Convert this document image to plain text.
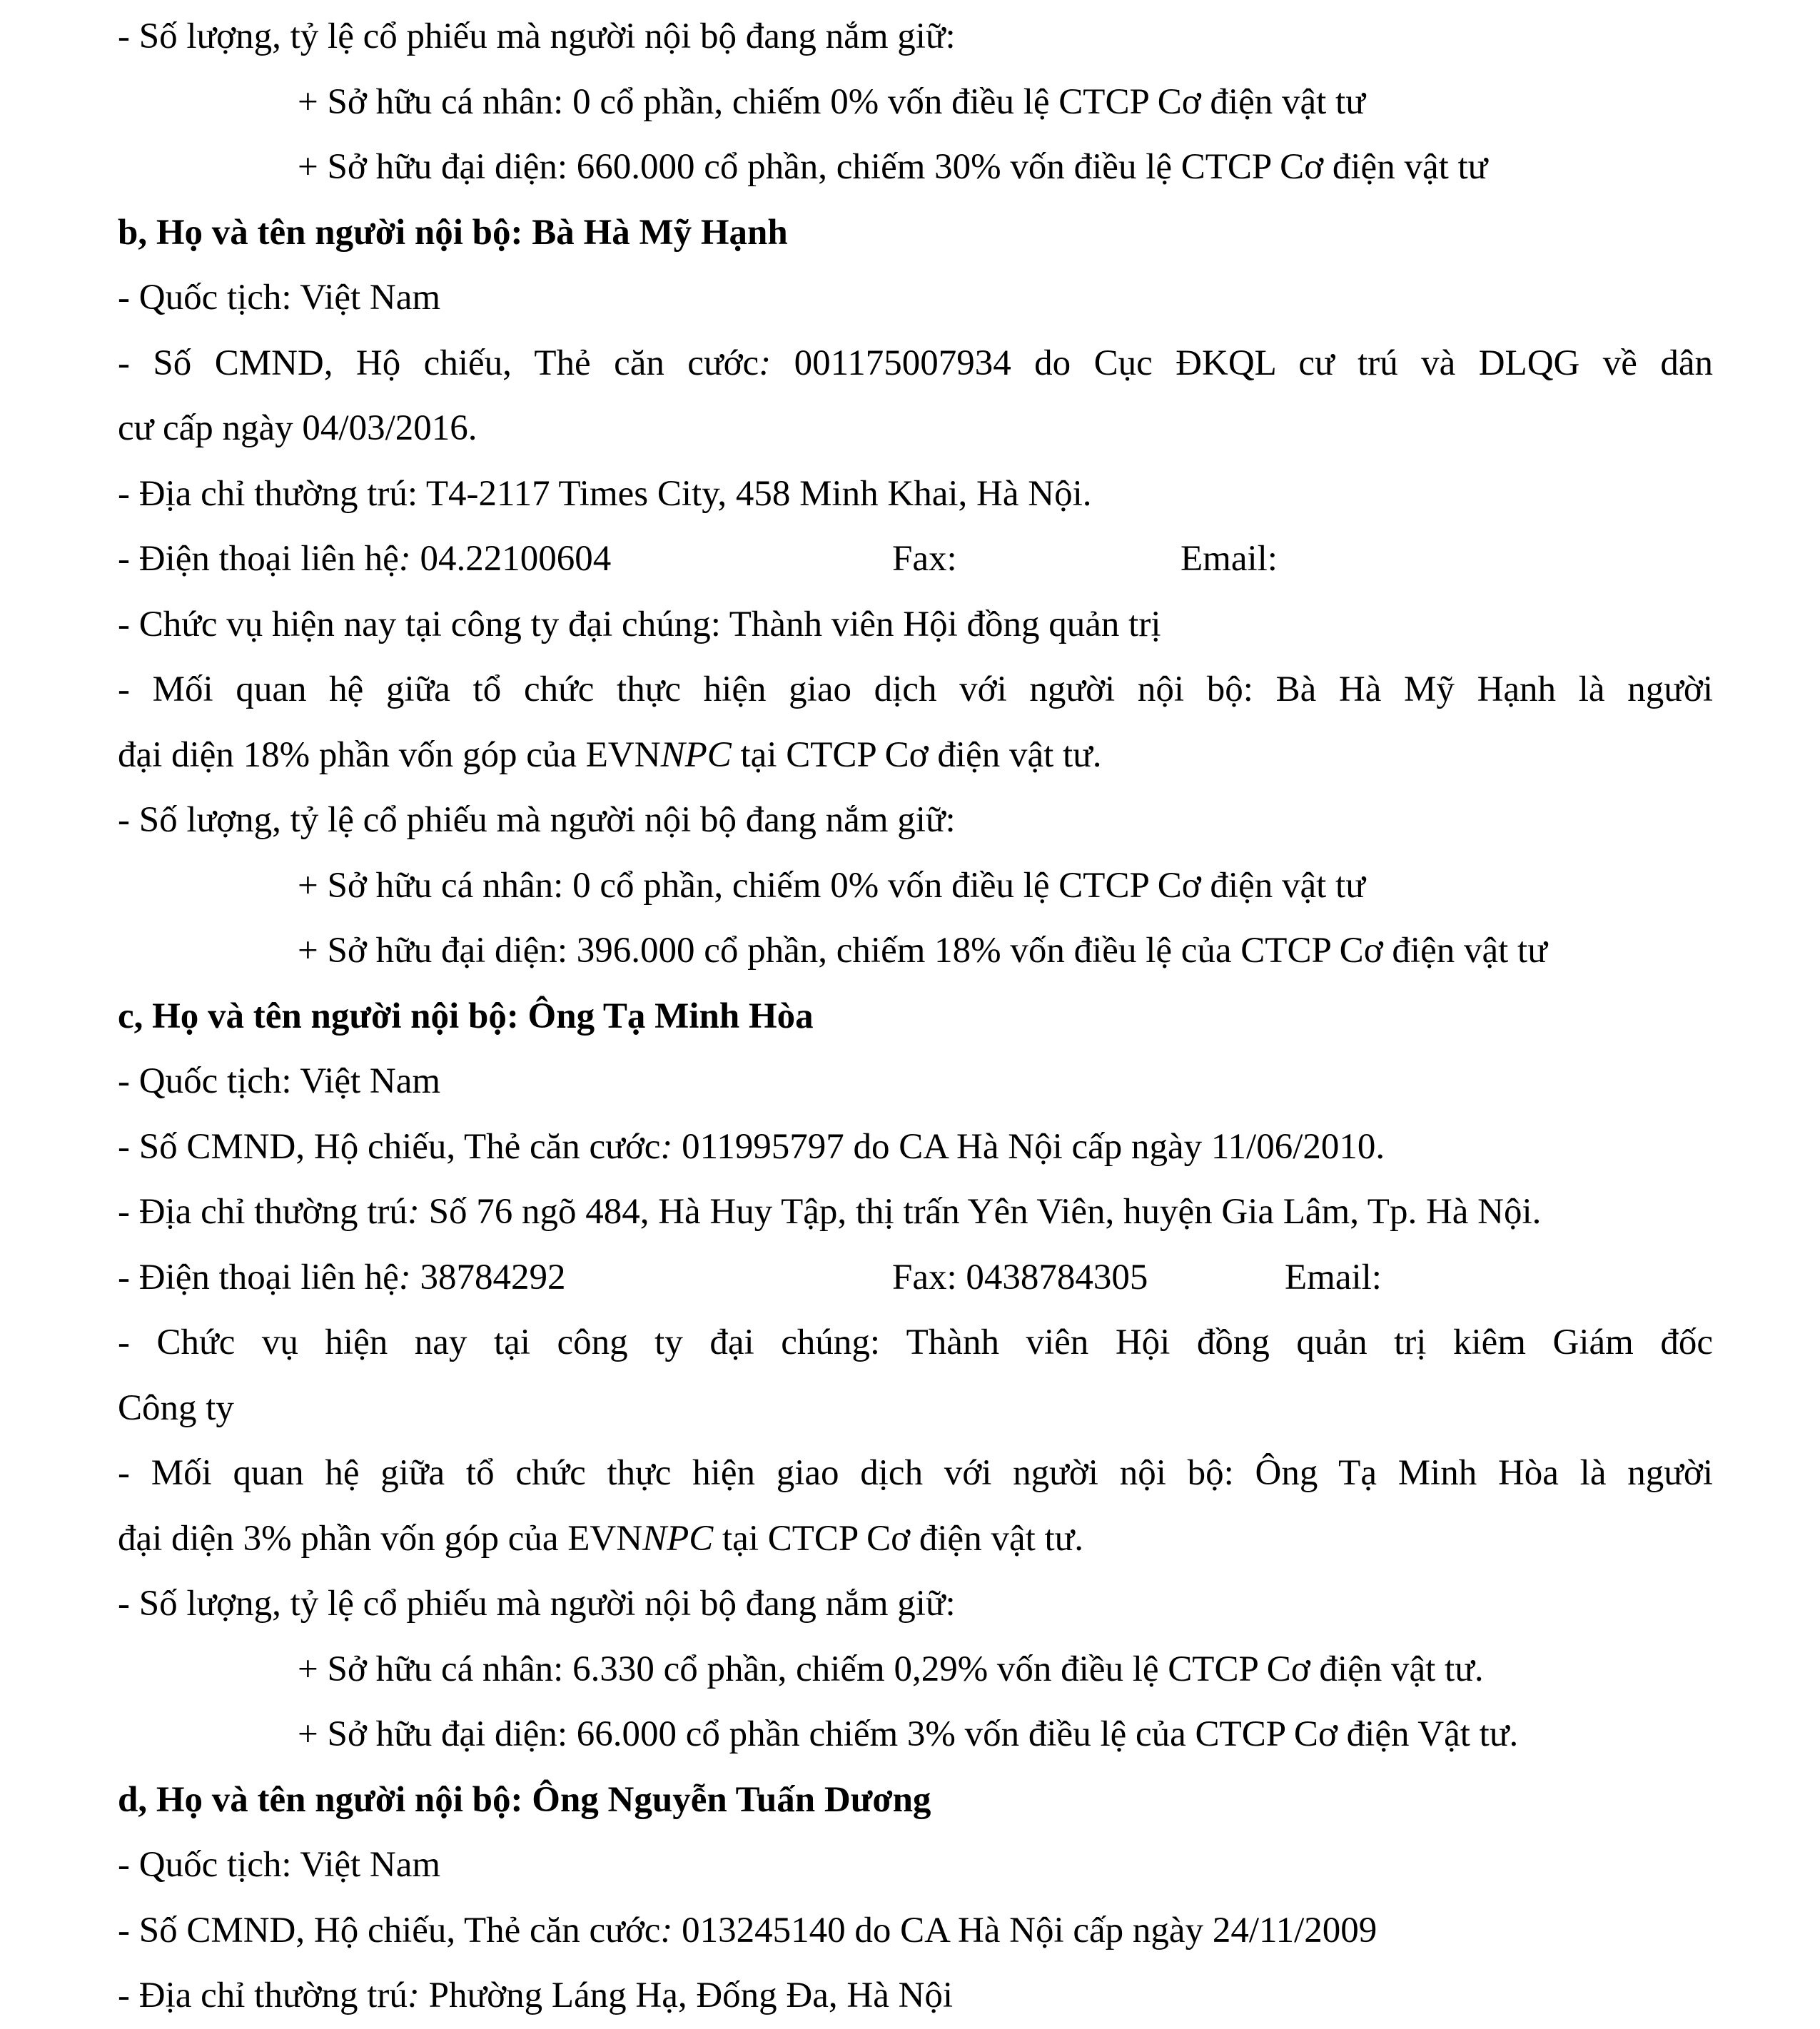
- Số lượng, tỷ lệ cổ phiếu mà người nội bộ đang nắm giữ:
+ Sở hữu cá nhân: 0 cổ phần, chiếm 0% vốn điều lệ CTCP Cơ điện vật tư
+ Sở hữu đại diện: 660.000 cổ phần, chiếm 30% vốn điều lệ CTCP Cơ điện vật tư
b, Họ và tên người nội bộ: Bà Hà Mỹ Hạnh
- Quốc tịch: Việt Nam
- Số CMND, Hộ chiếu, Thẻ căn cước: 001175007934 do Cục ĐKQL cư trú và DLQG về dân
cư cấp ngày 04/03/2016.
- Địa chỉ thường trú: T4-2117 Times City, 458 Minh Khai, Hà Nội.
- Điện thoại liên hệ: 04.22100604	Fax:	Email:
- Chức vụ hiện nay tại công ty đại chúng: Thành viên Hội đồng quản trị
- Mối quan hệ giữa tổ chức thực hiện giao dịch với người nội bộ: Bà Hà Mỹ Hạnh là người
đại diện 18% phần vốn góp của EVNNPC tại CTCP Cơ điện vật tư.
- Số lượng, tỷ lệ cổ phiếu mà người nội bộ đang nắm giữ:
+ Sở hữu cá nhân: 0 cổ phần, chiếm 0% vốn điều lệ CTCP Cơ điện vật tư
+ Sở hữu đại diện: 396.000 cổ phần, chiếm 18% vốn điều lệ của CTCP Cơ điện vật tư
c, Họ và tên người nội bộ: Ông Tạ Minh Hòa
- Quốc tịch: Việt Nam
- Số CMND, Hộ chiếu, Thẻ căn cước: 011995797 do CA Hà Nội cấp ngày 11/06/2010.
- Địa chỉ thường trú: Số 76 ngõ 484, Hà Huy Tập, thị trấn Yên Viên, huyện Gia Lâm, Tp. Hà Nội.
- Điện thoại liên hệ: 38784292	Fax: 0438784305	Email:
- Chức vụ hiện nay tại công ty đại chúng: Thành viên Hội đồng quản trị kiêm Giám đốc
Công ty
- Mối quan hệ giữa tổ chức thực hiện giao dịch với người nội bộ: Ông Tạ Minh Hòa là người
đại diện 3% phần vốn góp của EVNNPC tại CTCP Cơ điện vật tư.
- Số lượng, tỷ lệ cổ phiếu mà người nội bộ đang nắm giữ:
+ Sở hữu cá nhân: 6.330 cổ phần, chiếm 0,29% vốn điều lệ CTCP Cơ điện vật tư.
+ Sở hữu đại diện: 66.000 cổ phần chiếm 3% vốn điều lệ của CTCP Cơ điện Vật tư.
d, Họ và tên người nội bộ: Ông Nguyễn Tuấn Dương
- Quốc tịch: Việt Nam
- Số CMND, Hộ chiếu, Thẻ căn cước: 013245140 do CA Hà Nội cấp ngày 24/11/2009
- Địa chỉ thường trú: Phường Láng Hạ, Đống Đa, Hà Nội
